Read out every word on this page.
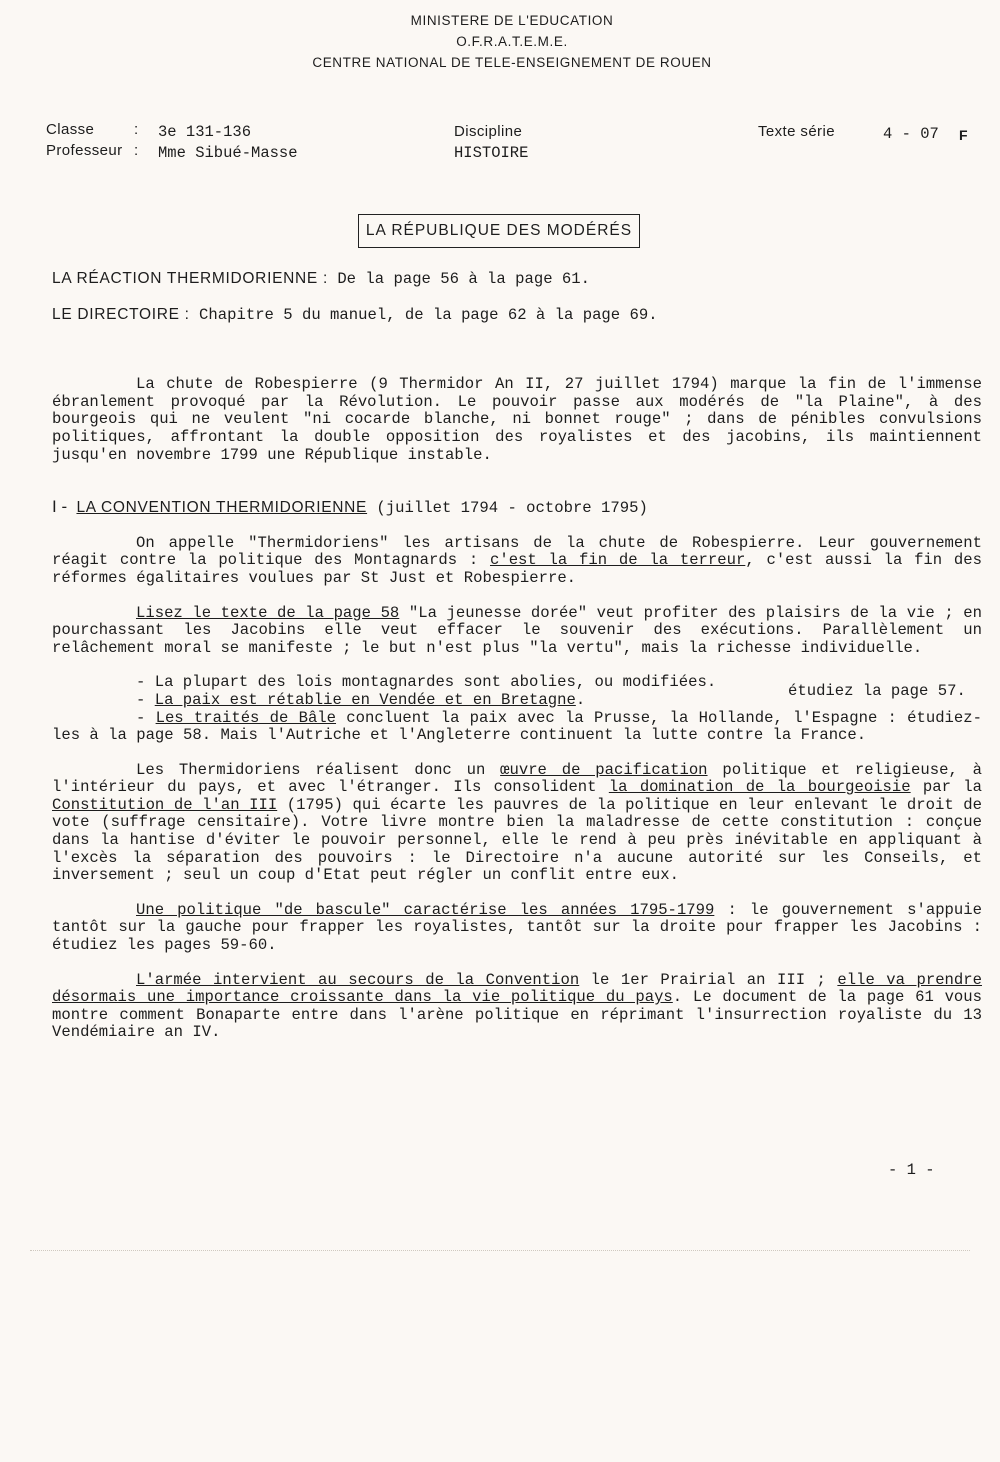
MINISTERE DE L'EDUCATION
O.F.R.A.T.E.M.E.
CENTRE NATIONAL DE TELE-ENSEIGNEMENT DE ROUEN
Classe	: 3e 131-136
Professeur : Mme Sibué-Masse
Discipline
HISTOIRE
Texte série	4 - 07 F
LA RÉPUBLIQUE DES MODÉRÉS

LA RÉACTION THERMIDORIENNE : De la page 56 à la page 61.

LE DIRECTOIRE : Chapitre 5 du manuel, de la page 62 à la page 69.

La chute de Robespierre (9 Thermidor An II, 27 juillet 1794) marque la fin de l'immense ébranlement provoqué par la Révolution. Le pouvoir passe aux modérés de "la Plaine", à des bourgeois qui ne veulent "ni cocarde blanche, ni bonnet rouge" ; dans de pénibles convulsions politiques, affrontant la double opposition des royalistes et des jacobins, ils maintiennent jusqu'en novembre 1799 une République instable.

I - LA CONVENTION THERMIDORIENNE (juillet 1794 - octobre 1795)

On appelle "Thermidoriens" les artisans de la chute de Robespierre. Leur gouvernement réagit contre la politique des Montagnards : c'est la fin de la terreur, c'est aussi la fin des réformes égalitaires voulues par St Just et Robespierre.

Lisez le texte de la page 58 "La jeunesse dorée" veut profiter des plaisirs de la vie ; en pourchassant les Jacobins elle veut effacer le souvenir des exécutions. Parallèlement un relâchement moral se manifeste ; le but n'est plus "la vertu", mais la richesse individuelle.

- La plupart des lois montagnardes sont abolies, ou modifiées.

- La paix est rétablie en Vendée et en Bretagne.	étudiez la page 57.

- Les traités de Bâle concluent la paix avec la Prusse, la Hollande, l'Espagne : étudiez-les à la page 58. Mais l'Autriche et l'Angleterre continuent la lutte contre la France.

Les Thermidoriens réalisent donc un œuvre de pacification politique et religieuse, à l'intérieur du pays, et avec l'étranger. Ils consolident la domination de la bourgeoisie par la Constitution de l'an III (1795) qui écarte les pauvres de la politique en leur enlevant le droit de vote (suffrage censitaire). Votre livre montre bien la maladresse de cette constitution : conçue dans la hantise d'éviter le pouvoir personnel, elle le rend à peu près inévitable en appliquant à l'excès la séparation des pouvoirs : le Directoire n'a aucune autorité sur les Conseils, et inversement ; seul un coup d'Etat peut régler un conflit entre eux.

Une politique "de bascule" caractérise les années 1795-1799 : le gouvernement s'appuie tantôt sur la gauche pour frapper les royalistes, tantôt sur la droite pour frapper les Jacobins : étudiez les pages 59-60.

L'armée intervient au secours de la Convention le 1er Prairial an III ; elle va prendre désormais une importance croissante dans la vie politique du pays. Le document de la page 61 vous montre comment Bonaparte entre dans l'arène politique en réprimant l'insurrection royaliste du 13 Vendémiaire an IV.

- 1 -
